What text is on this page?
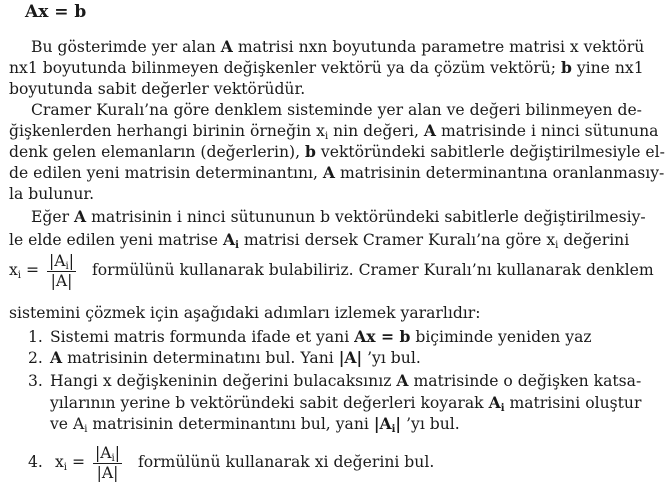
Ax = b
Bu gösterimde yer alan A matrisi nxn boyutunda parametre matrisi x vektörü
nx1 boyutunda bilinmeyen değişkenler vektörü ya da çözüm vektörü; b yine nx1
boyutunda sabit değerler vektörüdür.
Cramer Kuralı’na göre denklem sisteminde yer alan ve değeri bilinmeyen de-
ğişkenlerden herhangi birinin örneğin $x_i$ nin değeri, A matrisinde i ninci sütununa
denk gelen elemanların (değerlerin), b vektöründeki sabitlerle değiştirilmesiyle el-
de edilen yeni matrisin determinantını, A matrisinin determinantına oranlanmasıy-
la bulunur.
Eğer A matrisinin i ninci sütununun b vektöründeki sabitlerle değiştirilmesiy-
le elde edilen yeni matrise $A_i$ matrisi dersek Cramer Kuralı’na göre $x_i$ değerini
$x_i = \frac{|A_i|}{|A|}$ formülünü kullanarak bulabiliriz. Cramer Kuralı’nı kullanarak denklem
sistemini çözmek için aşağıdaki adımları izlemek yararlıdır:
1. Sistemi matris formunda ifade et yani Ax = b biçiminde yeniden yaz
2. A matrisinin determinatını bul. Yani |A| ’yı bul.
3. Hangi x değişkeninin değerini bulacaksınız A matrisinde o değişken katsa-
yılarının yerine b vektöründeki sabit değerleri koyarak $A_i$ matrisini oluştur
ve $A_i$ matrisinin determinantını bul, yani $|A_i|$ ’yı bul.
4. $x_i = \frac{|A_i|}{|A|}$ formülünü kullanarak xi değerini bul.
